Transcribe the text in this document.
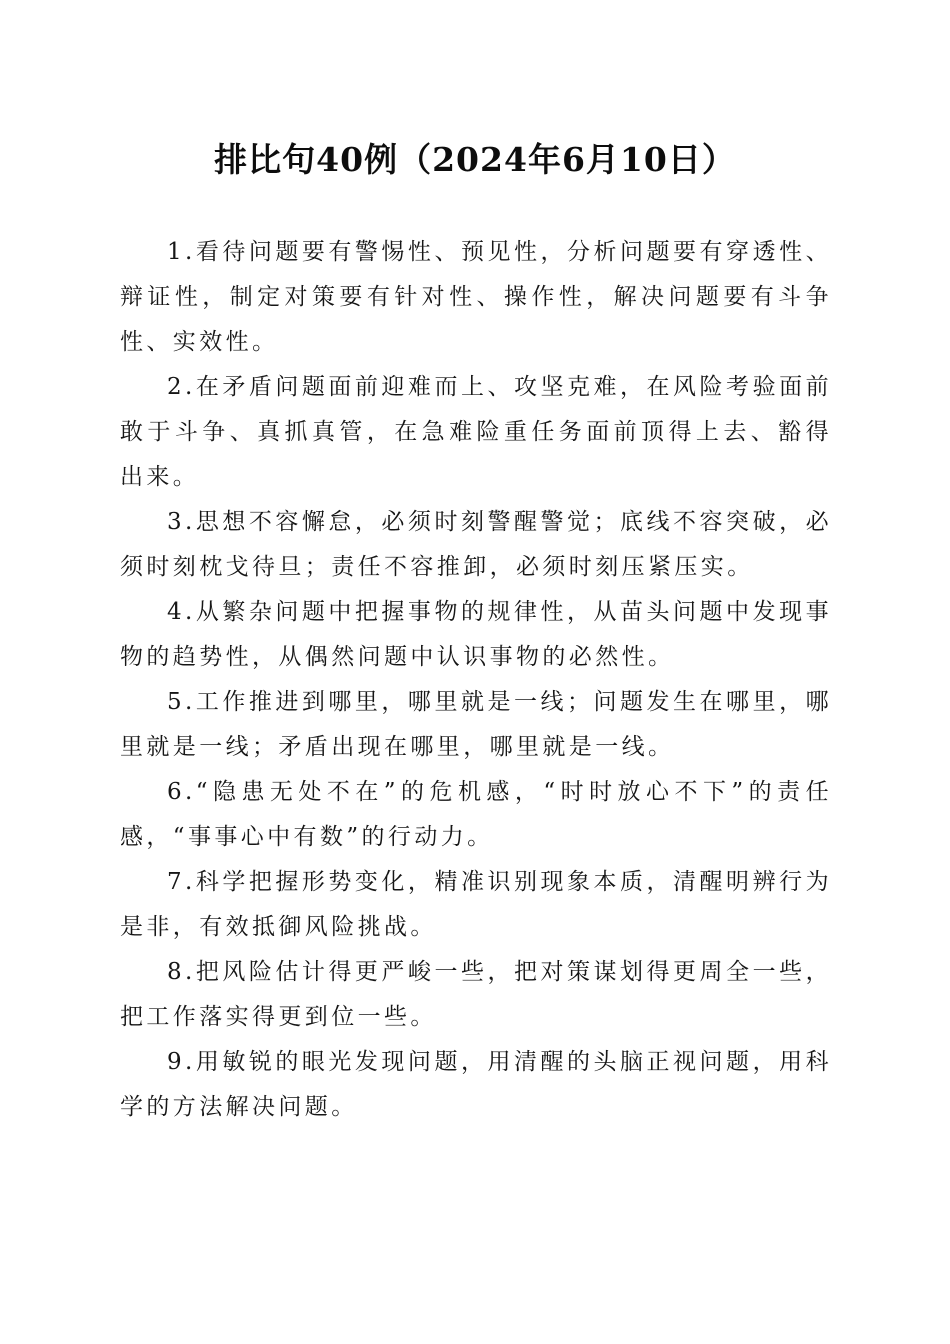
排比句40例（2024年6月10日）

1.看待问题要有警惕性、预见性，分析问题要有穿透性、辩证性，制定对策要有针对性、操作性，解决问题要有斗争性、实效性。

2.在矛盾问题面前迎难而上、攻坚克难，在风险考验面前敢于斗争、真抓真管，在急难险重任务面前顶得上去、豁得出来。

3.思想不容懈怠，必须时刻警醒警觉；底线不容突破，必须时刻枕戈待旦；责任不容推卸，必须时刻压紧压实。

4.从繁杂问题中把握事物的规律性，从苗头问题中发现事物的趋势性，从偶然问题中认识事物的必然性。

5.工作推进到哪里，哪里就是一线；问题发生在哪里，哪里就是一线；矛盾出现在哪里，哪里就是一线。

6.“隐患无处不在”的危机感，“时时放心不下”的责任感，“事事心中有数”的行动力。

7.科学把握形势变化，精准识别现象本质，清醒明辨行为是非，有效抵御风险挑战。

8.把风险估计得更严峻一些，把对策谋划得更周全一些，把工作落实得更到位一些。

9.用敏锐的眼光发现问题，用清醒的头脑正视问题，用科学的方法解决问题。
